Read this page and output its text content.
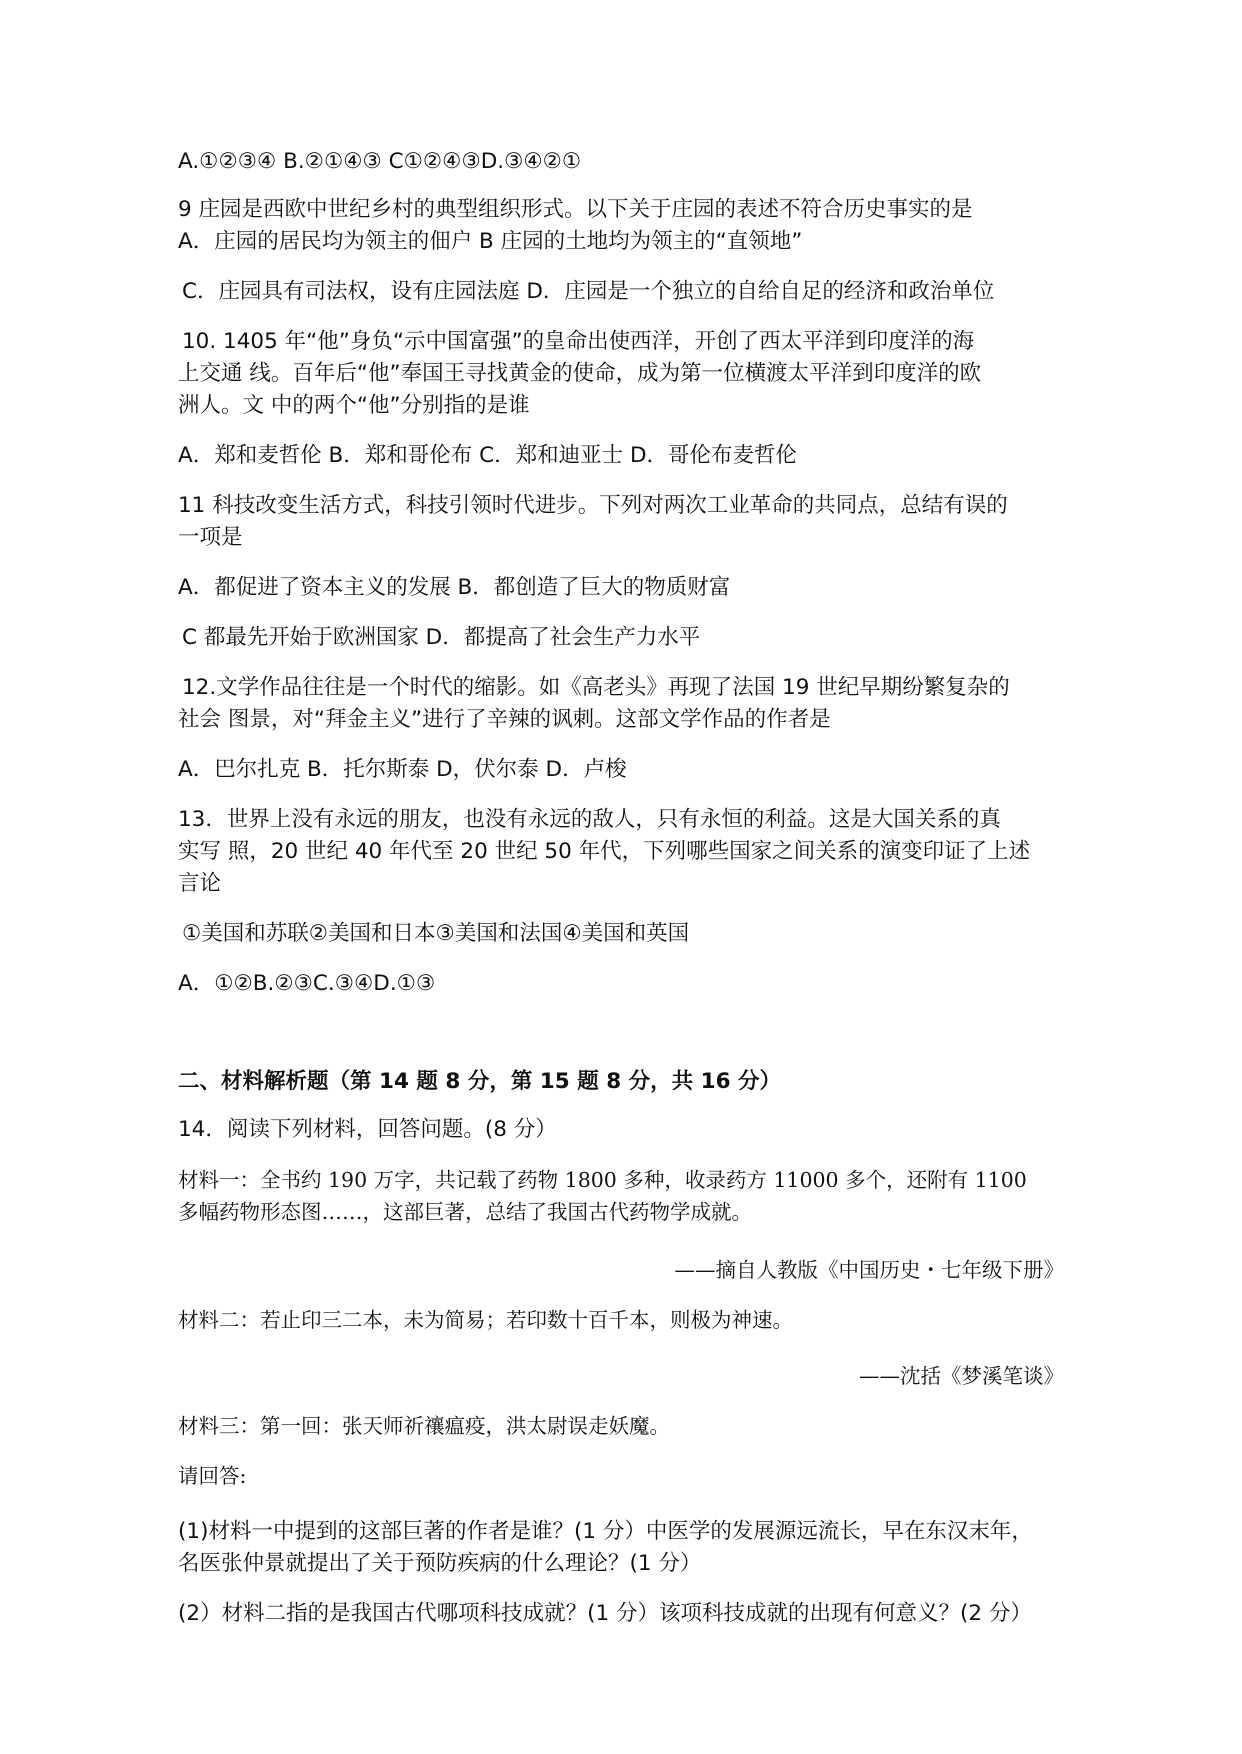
A.①②③④ B.②①④③ C①②④③D.③④②①
9 庄园是西欧中世纪乡村的典型组织形式。以下关于庄园的表述不符合历史事实的是
A．庄园的居民均为领主的佃户 B 庄园的土地均为领主的“直领地”
C．庄园具有司法权，设有庄园法庭 D．庄园是一个独立的自给自足的经济和政治单位
10. 1405 年“他”身负“示中国富强”的皇命出使西洋，开创了西太平洋到印度洋的海
上交通 线。百年后“他”奉国王寻找黄金的使命，成为第一位横渡太平洋到印度洋的欧
洲人。文 中的两个“他”分别指的是谁
A．郑和麦哲伦 B．郑和哥伦布 C．郑和迪亚士 D．哥伦布麦哲伦
11 科技改变生活方式，科技引领时代进步。下列对两次工业革命的共同点，总结有误的
一项是
A．都促进了资本主义的发展 B．都创造了巨大的物质财富
C 都最先开始于欧洲国家 D．都提高了社会生产力水平
12.文学作品往往是一个时代的缩影。如《高老头》再现了法国 19 世纪早期纷繁复杂的
社会 图景，对“拜金主义”进行了辛辣的讽刺。这部文学作品的作者是
A．巴尔扎克 B．托尔斯泰 D，伏尔泰 D．卢梭
13．世界上没有永远的朋友，也没有永远的敌人，只有永恒的利益。这是大国关系的真
实写 照，20 世纪 40 年代至 20 世纪 50 年代，下列哪些国家之间关系的演变印证了上述
言论
①美国和苏联②美国和日本③美国和法国④美国和英国
A．①②B.②③C.③④D.①③
二、材料解析题（第 14 题 8 分，第 15 题 8 分，共 16 分）
14．阅读下列材料，回答问题。(8 分）
材料一：全书约 190 万字，共记载了药物 1800 多种，收录药方 11000 多个，还附有 1100
多幅药物形态图……，这部巨著，总结了我国古代药物学成就。
——摘自人教版《中国历史・七年级下册》
材料二：若止印三二本，未为简易；若印数十百千本，则极为神速。
——沈括《梦溪笔谈》
材料三：第一回：张天师祈禳瘟疫，洪太尉误走妖魔。
请回答:
(1)材料一中提到的这部巨著的作者是谁？(1 分）中医学的发展源远流长，早在东汉末年，
名医张仲景就提出了关于预防疾病的什么理论？(1 分）
(2）材料二指的是我国古代哪项科技成就？(1 分）该项科技成就的出现有何意义？(2 分）
